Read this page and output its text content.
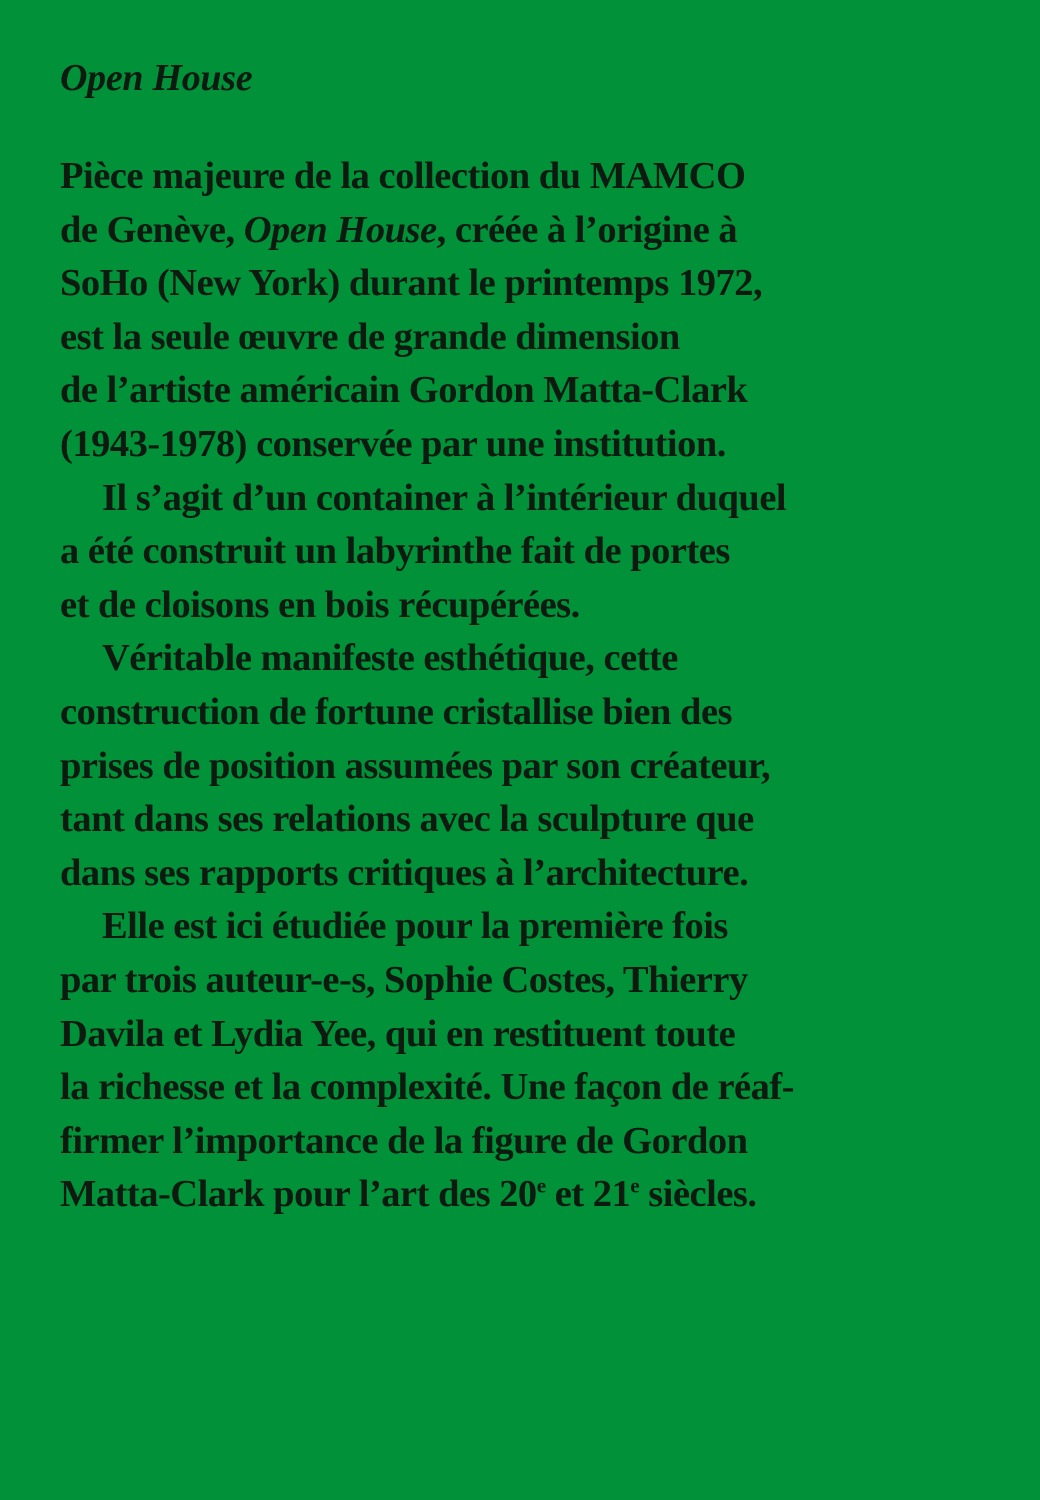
Open House
Pièce majeure de la collection du MAMCO
de Genève, Open House, créée à l’origine à
SoHo (New York) durant le printemps 1972,
est la seule œuvre de grande dimension
de l’artiste américain Gordon Matta-Clark
(1943-1978) conservée par une institution.
Il s’agit d’un container à l’intérieur duquel
a été construit un labyrinthe fait de portes
et de cloisons en bois récupérées.
Véritable manifeste esthétique, cette
construction de fortune cristallise bien des
prises de position assumées par son créateur,
tant dans ses relations avec la sculpture que
dans ses rapports critiques à l’architecture.
Elle est ici étudiée pour la première fois
par trois auteur-e-s, Sophie Costes, Thierry
Davila et Lydia Yee, qui en restituent toute
la richesse et la complexité. Une façon de réaf-
firmer l’importance de la figure de Gordon
Matta-Clark pour l’art des 20e et 21e siècles.
